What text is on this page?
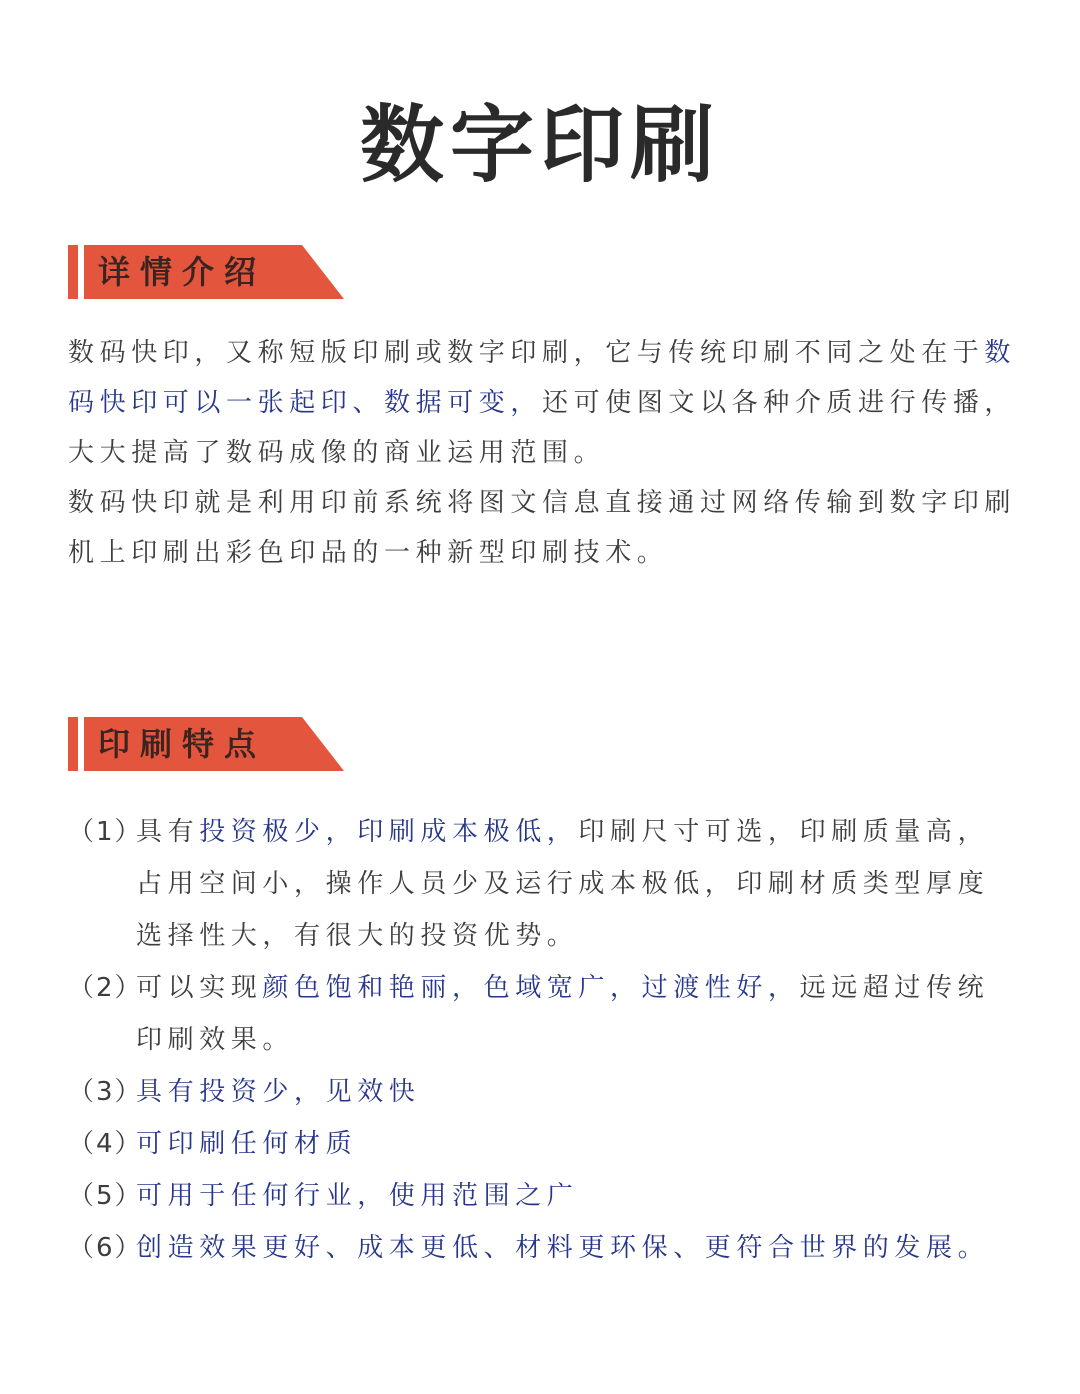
数字印刷
详情介绍

数码快印，又称短版印刷或数字印刷，它与传统印刷不同之处在于数码快印可以一张起印、数据可变，还可使图文以各种介质进行传播，大大提高了数码成像的商业运用范围。

数码快印就是利用印前系统将图文信息直接通过网络传输到数字印刷机上印刷出彩色印品的一种新型印刷技术。

印刷特点
（1）
具有投资极少，印刷成本极低，印刷尺寸可选，印刷质量高，占用空间小，操作人员少及运行成本极低，印刷材质类型厚度选择性大，有很大的投资优势。
（2）
可以实现颜色饱和艳丽，色域宽广，过渡性好，远远超过传统印刷效果。
（3）
具有投资少，见效快
（4）
可印刷任何材质
（5）
可用于任何行业，使用范围之广
（6）
创造效果更好、成本更低、材料更环保、更符合世界的发展。
